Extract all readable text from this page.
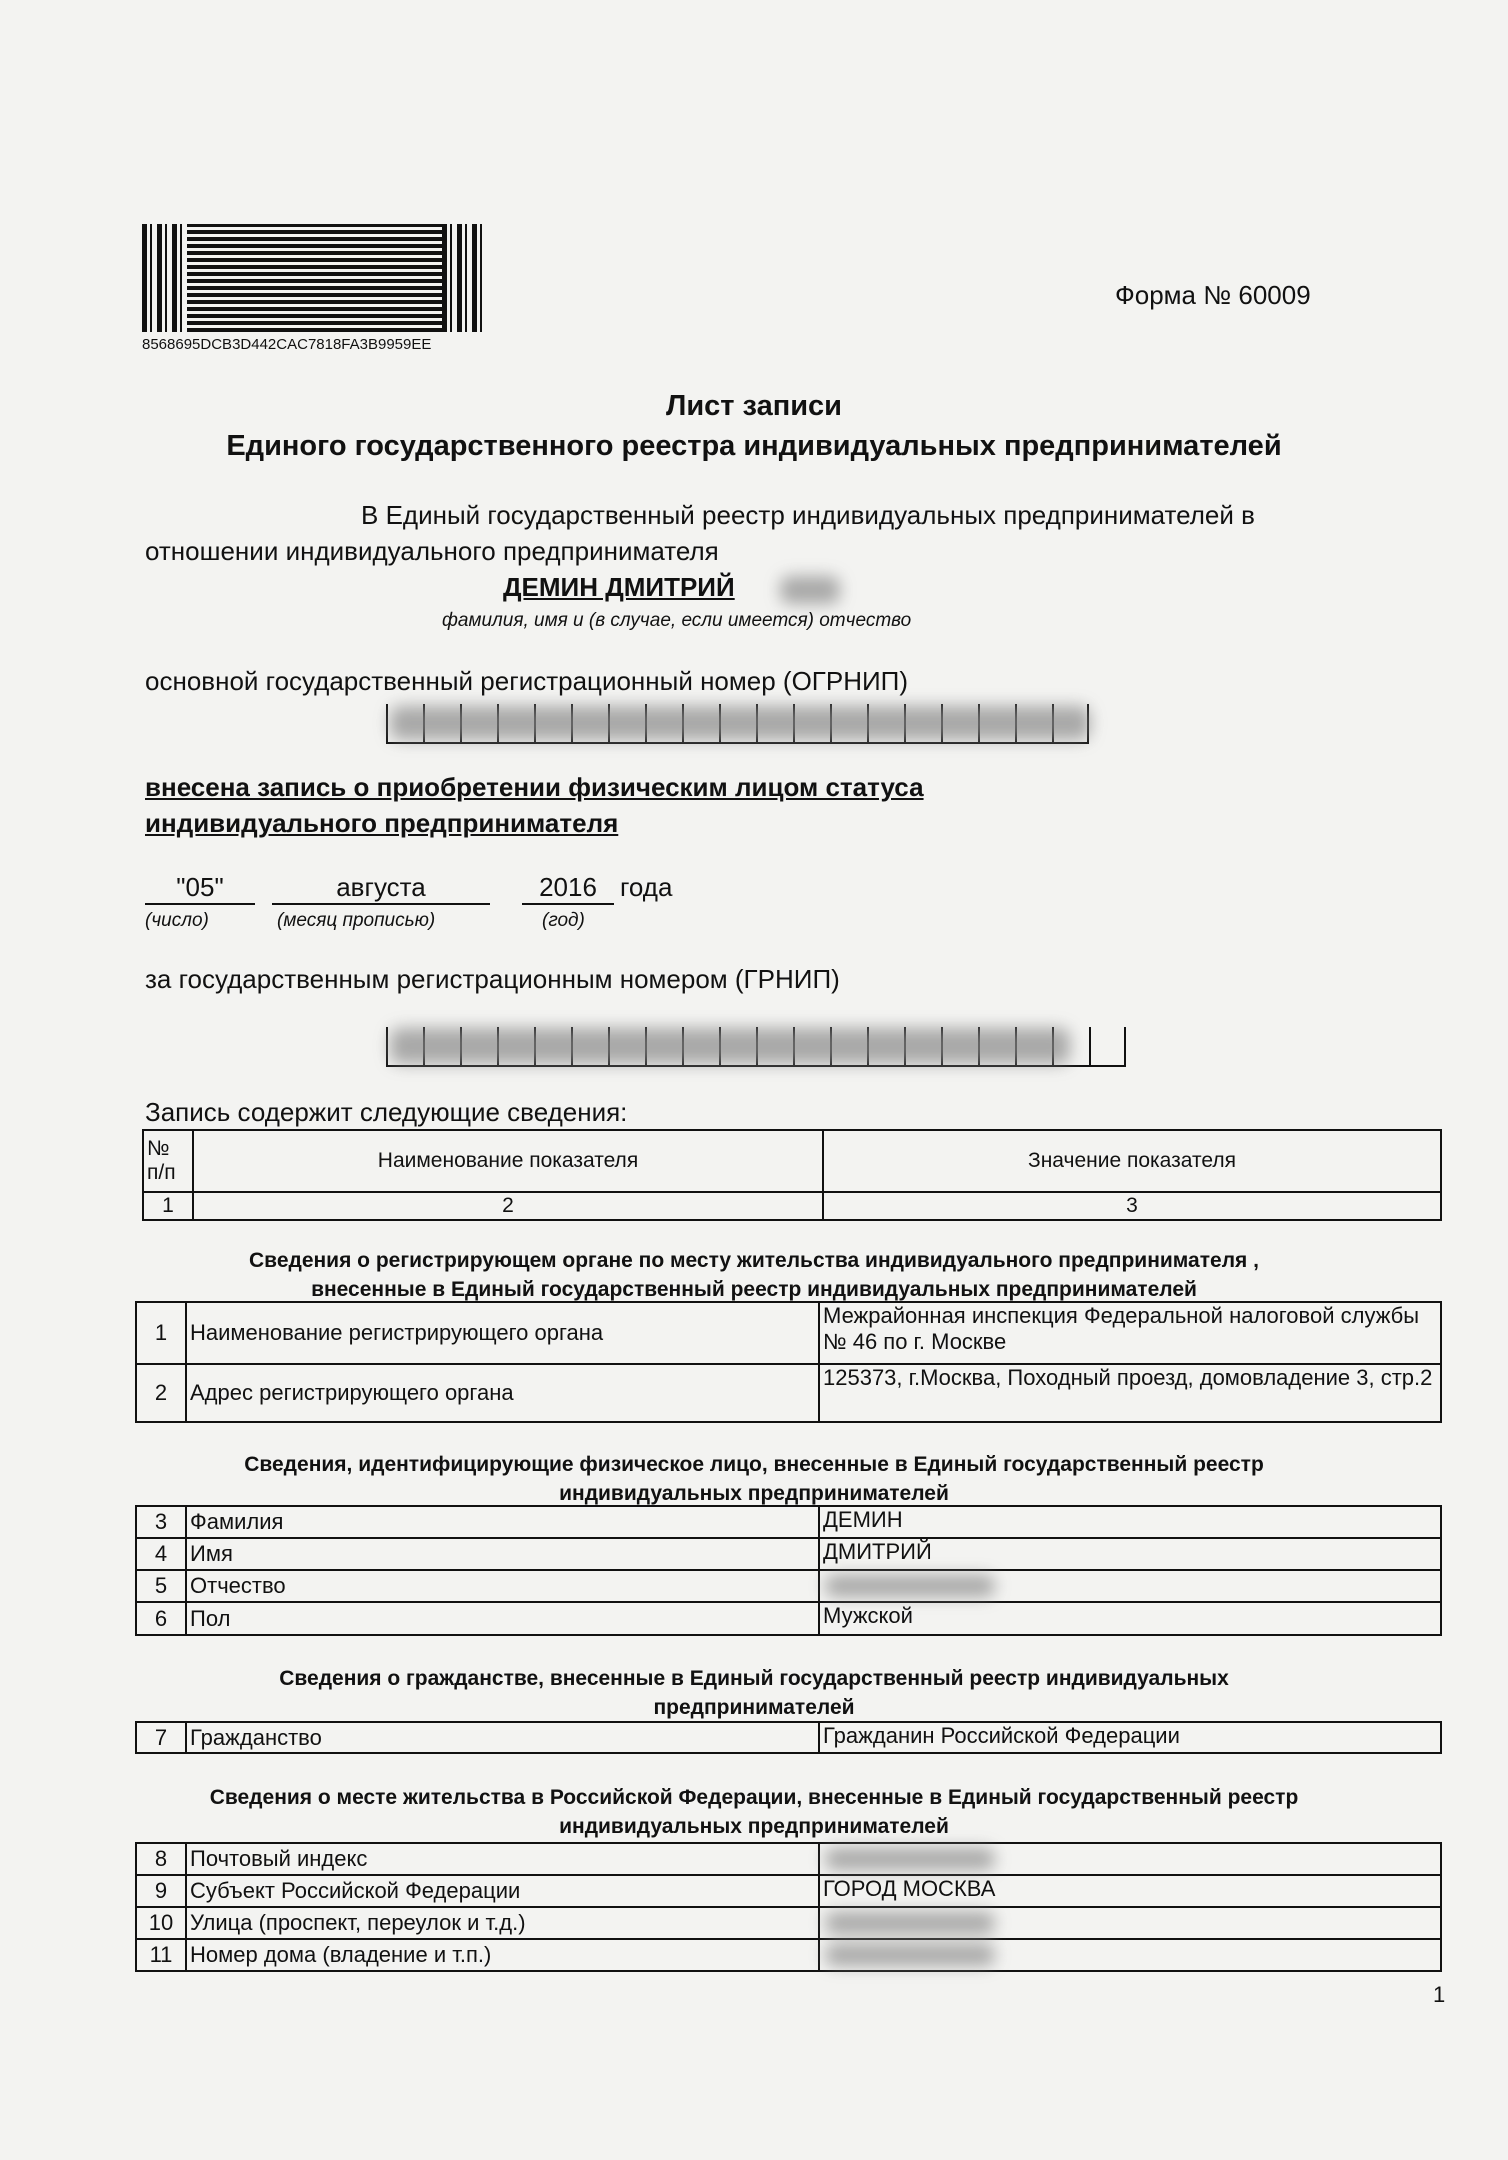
8568695DCB3D442CAC7818FA3B9959EE
Форма № 60009
Лист записи
Единого государственного реестра индивидуальных предпринимателей
В Единый государственный реестр индивидуальных предпринимателей в
отношении индивидуального предпринимателя
ДЕМИН ДМИТРИЙ
фамилия, имя и (в случае, если имеется) отчество
основной государственный регистрационный номер (ОГРНИП)
внесена запись о приобретении физическим лицом статуса
индивидуального предпринимателя
"05"	августа	2016 года
(число)	(месяц прописью)	(год)
за государственным регистрационным номером (ГРНИП)
Запись содержит следующие сведения:
№ п/п	Наименование показателя	Значение показателя
1	2	3
Сведения о регистрирующем органе по месту жительства индивидуального предпринимателя ,
внесенные в Единый государственный реестр индивидуальных предпринимателей
1	Наименование регистрирующего органа	Межрайонная инспекция Федеральной налоговой службы № 46 по г. Москве
2	Адрес регистрирующего органа	125373, г.Москва, Походный проезд, домовладение 3, стр.2
Сведения, идентифицирующие физическое лицо, внесенные в Единый государственный реестр
индивидуальных предпринимателей
3	Фамилия	ДЕМИН
4	Имя	ДМИТРИЙ
5	Отчество	

6	Пол	Мужской
Сведения о гражданстве, внесенные в Единый государственный реестр индивидуальных
предпринимателей
7	Гражданство	Гражданин Российской Федерации
Сведения о месте жительства в Российской Федерации, внесенные в Единый государственный реестр
индивидуальных предпринимателей
8	Почтовый индекс	

9	Субъект Российской Федерации	ГОРОД МОСКВА
10	Улица (проспект, переулок и т.д.)	

11	Номер дома (владение и т.п.)	
1
